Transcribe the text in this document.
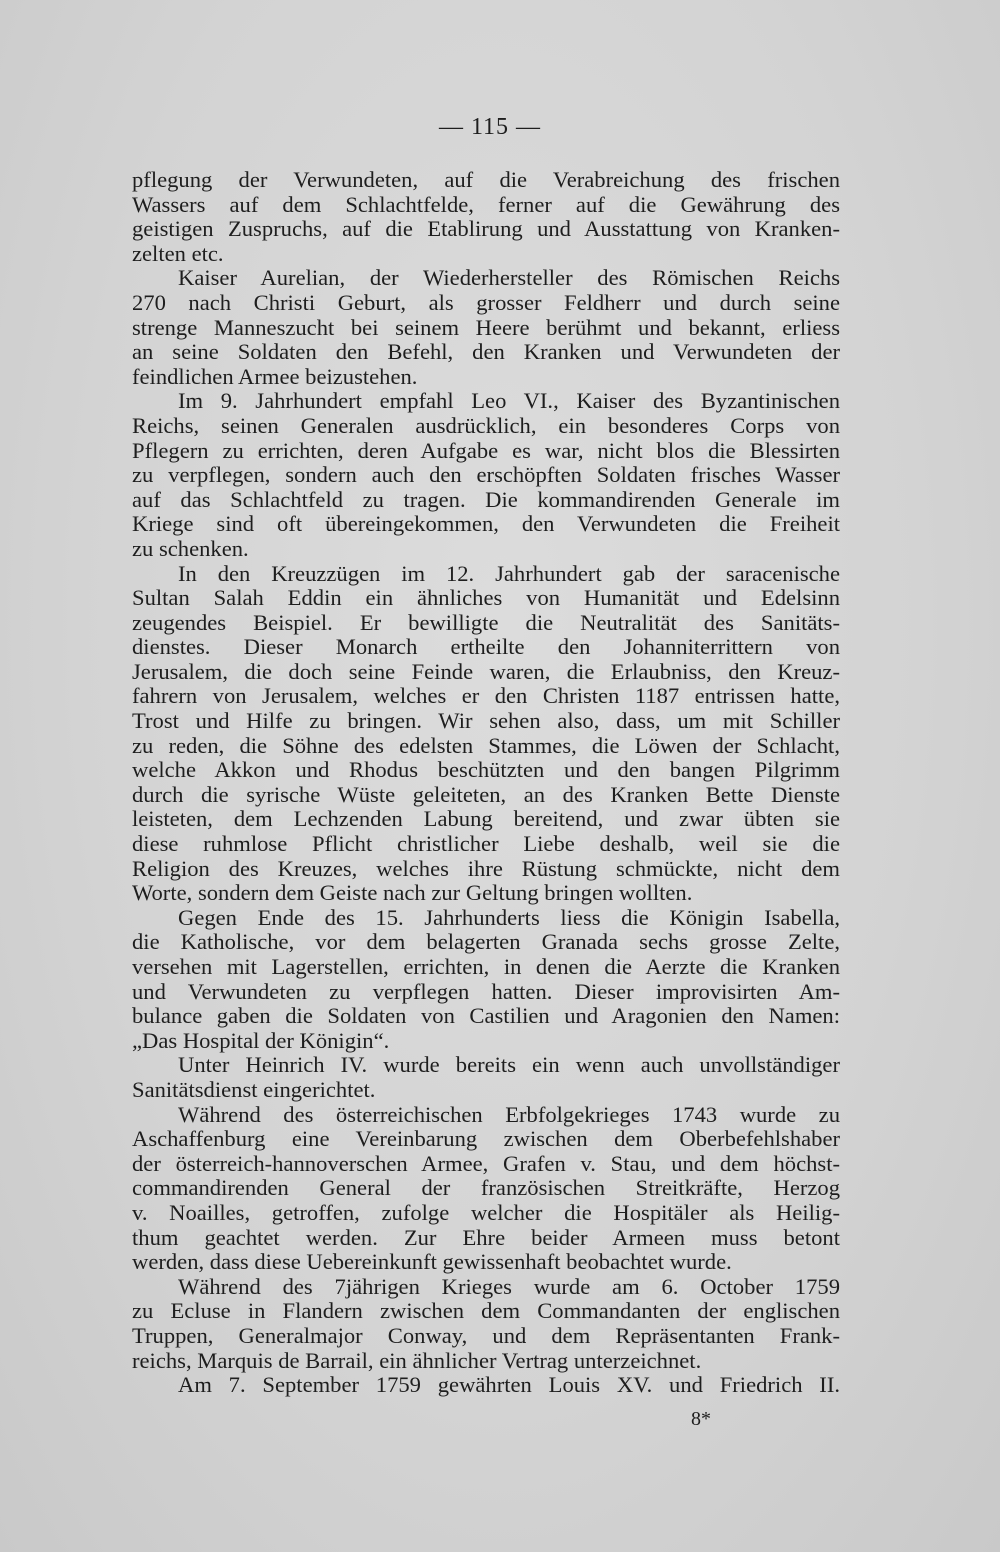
— 115 —
pflegung der Verwundeten, auf die Verabreichung des frischen
Wassers auf dem Schlachtfelde, ferner auf die Gewährung des
geistigen Zuspruchs, auf die Etablirung und Ausstattung von Kranken-
zelten etc.
Kaiser Aurelian, der Wiederhersteller des Römischen Reichs
270 nach Christi Geburt, als grosser Feldherr und durch seine
strenge Manneszucht bei seinem Heere berühmt und bekannt, erliess
an seine Soldaten den Befehl, den Kranken und Verwundeten der
feindlichen Armee beizustehen.
Im 9. Jahrhundert empfahl Leo VI., Kaiser des Byzantinischen
Reichs, seinen Generalen ausdrücklich, ein besonderes Corps von
Pflegern zu errichten, deren Aufgabe es war, nicht blos die Blessirten
zu verpflegen, sondern auch den erschöpften Soldaten frisches Wasser
auf das Schlachtfeld zu tragen. Die kommandirenden Generale im
Kriege sind oft übereingekommen, den Verwundeten die Freiheit
zu schenken.
In den Kreuzzügen im 12. Jahrhundert gab der saracenische
Sultan Salah Eddin ein ähnliches von Humanität und Edelsinn
zeugendes Beispiel. Er bewilligte die Neutralität des Sanitäts-
dienstes. Dieser Monarch ertheilte den Johanniterrittern von
Jerusalem, die doch seine Feinde waren, die Erlaubniss, den Kreuz-
fahrern von Jerusalem, welches er den Christen 1187 entrissen hatte,
Trost und Hilfe zu bringen. Wir sehen also, dass, um mit Schiller
zu reden, die Söhne des edelsten Stammes, die Löwen der Schlacht,
welche Akkon und Rhodus beschützten und den bangen Pilgrimm
durch die syrische Wüste geleiteten, an des Kranken Bette Dienste
leisteten, dem Lechzenden Labung bereitend, und zwar übten sie
diese ruhmlose Pflicht christlicher Liebe deshalb, weil sie die
Religion des Kreuzes, welches ihre Rüstung schmückte, nicht dem
Worte, sondern dem Geiste nach zur Geltung bringen wollten.
Gegen Ende des 15. Jahrhunderts liess die Königin Isabella,
die Katholische, vor dem belagerten Granada sechs grosse Zelte,
versehen mit Lagerstellen, errichten, in denen die Aerzte die Kranken
und Verwundeten zu verpflegen hatten. Dieser improvisirten Am-
bulance gaben die Soldaten von Castilien und Aragonien den Namen:
„Das Hospital der Königin“.
Unter Heinrich IV. wurde bereits ein wenn auch unvollständiger
Sanitätsdienst eingerichtet.
Während des österreichischen Erbfolgekrieges 1743 wurde zu
Aschaffenburg eine Vereinbarung zwischen dem Oberbefehlshaber
der österreich-hannoverschen Armee, Grafen v. Stau, und dem höchst-
commandirenden General der französischen Streitkräfte, Herzog
v. Noailles, getroffen, zufolge welcher die Hospitäler als Heilig-
thum geachtet werden. Zur Ehre beider Armeen muss betont
werden, dass diese Uebereinkunft gewissenhaft beobachtet wurde.
Während des 7jährigen Krieges wurde am 6. October 1759
zu Ecluse in Flandern zwischen dem Commandanten der englischen
Truppen, Generalmajor Conway, und dem Repräsentanten Frank-
reichs, Marquis de Barrail, ein ähnlicher Vertrag unterzeichnet.
Am 7. September 1759 gewährten Louis XV. und Friedrich II.
8*
